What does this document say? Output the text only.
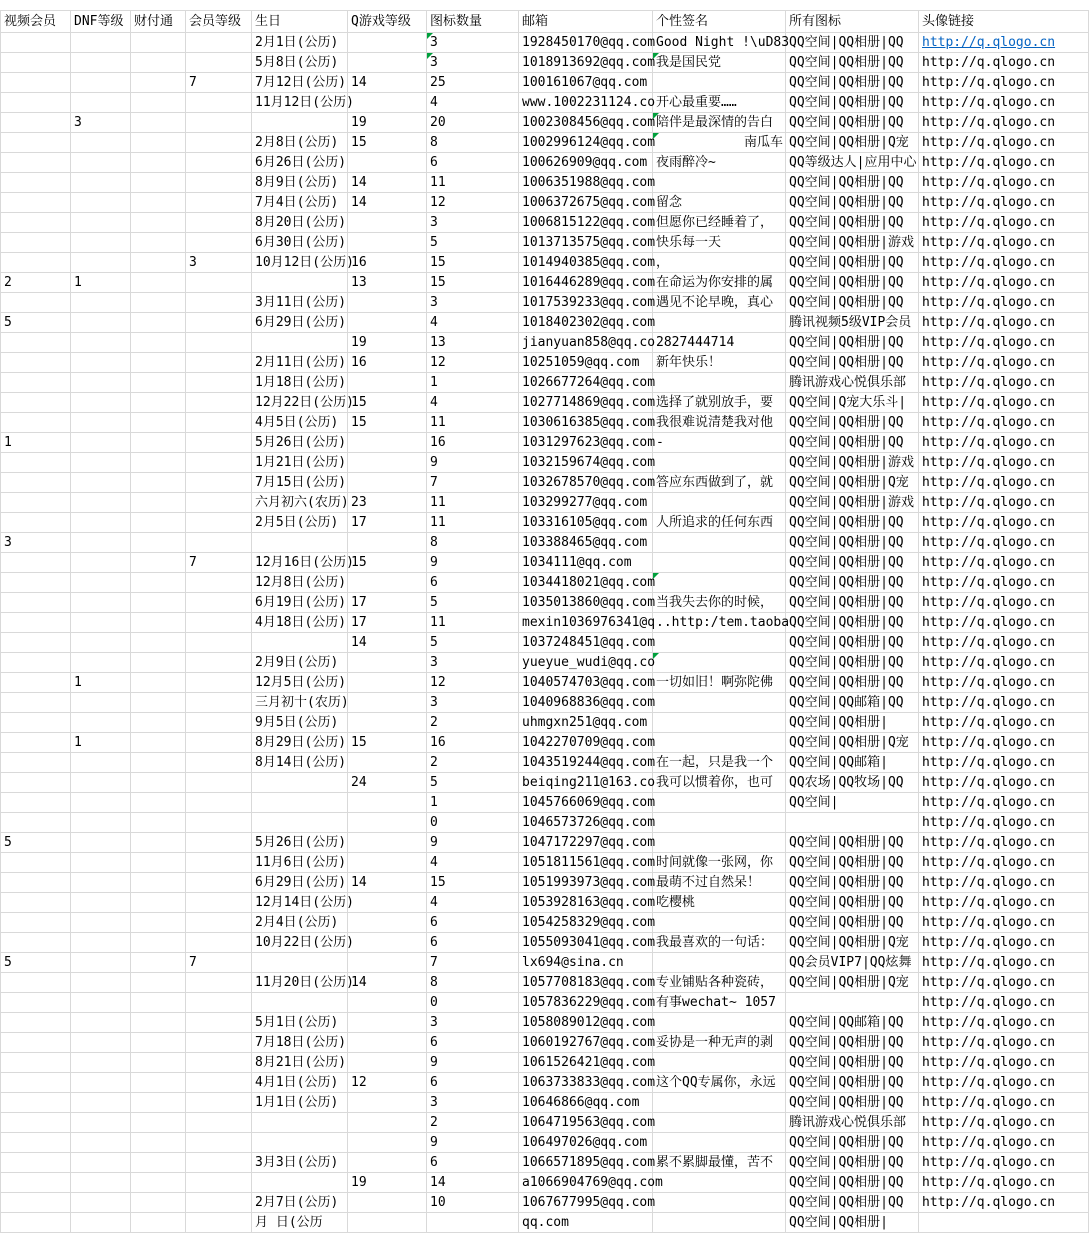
视频会员	DNF等级	财付通	会员等级	生日	Q游戏等级	图标数量	邮箱	个性签名	所有图标	头像链接
				2月1日(公历)		3	1928450170@qq.com	Good Night !\uD83	QQ空间|QQ相册|QQ	http://q.qlogo.cn
				5月8日(公历)		3	1018913692@qq.com	我是国民党	QQ空间|QQ相册|QQ	http://q.qlogo.cn
			7	7月12日(公历)	14	25	100161067@qq.com		QQ空间|QQ相册|QQ	http://q.qlogo.cn
				11月12日(公历)		4	www.1002231124.co	开心最重要……	QQ空间|QQ相册|QQ	http://q.qlogo.cn
	3				19	20	1002308456@qq.com	陪伴是最深情的告白	QQ空间|QQ相册|QQ	http://q.qlogo.cn
				2月8日(公历)	15	8	1002996124@qq.com	南瓜车	QQ空间|QQ相册|Q宠	http://q.qlogo.cn
				6月26日(公历)		6	100626909@qq.com	夜雨醉冷~	QQ等级达人|应用中心	http://q.qlogo.cn
				8月9日(公历)	14	11	1006351988@qq.com		QQ空间|QQ相册|QQ	http://q.qlogo.cn
				7月4日(公历)	14	12	1006372675@qq.com	留念	QQ空间|QQ相册|QQ	http://q.qlogo.cn
				8月20日(公历)		3	1006815122@qq.com	但愿你已经睡着了，	QQ空间|QQ相册|QQ	http://q.qlogo.cn
				6月30日(公历)		5	1013713575@qq.com	快乐每一天	QQ空间|QQ相册|游戏	http://q.qlogo.cn
			3	10月12日(公历)	16	15	1014940385@qq.com	，	QQ空间|QQ相册|QQ	http://q.qlogo.cn
2	1				13	15	1016446289@qq.com	在命运为你安排的属	QQ空间|QQ相册|QQ	http://q.qlogo.cn
				3月11日(公历)		3	1017539233@qq.com	遇见不论早晚，真心	QQ空间|QQ相册|QQ	http://q.qlogo.cn
5				6月29日(公历)		4	1018402302@qq.com		腾讯视频5级VIP会员	http://q.qlogo.cn
					19	13	jianyuan858@qq.co	2827444714	QQ空间|QQ相册|QQ	http://q.qlogo.cn
				2月11日(公历)	16	12	10251059@qq.com	新年快乐！	QQ空间|QQ相册|QQ	http://q.qlogo.cn
				1月18日(公历)		1	1026677264@qq.com		腾讯游戏心悦俱乐部	http://q.qlogo.cn
				12月22日(公历)	15	4	1027714869@qq.com	选择了就别放手，要	QQ空间|Q宠大乐斗|	http://q.qlogo.cn
				4月5日(公历)	15	11	1030616385@qq.com	我很难说清楚我对他	QQ空间|QQ相册|QQ	http://q.qlogo.cn
1				5月26日(公历)		16	1031297623@qq.com	-	QQ空间|QQ相册|QQ	http://q.qlogo.cn
				1月21日(公历)		9	1032159674@qq.com		QQ空间|QQ相册|游戏	http://q.qlogo.cn
				7月15日(公历)		7	1032678570@qq.com	答应东西做到了，就	QQ空间|QQ相册|Q宠	http://q.qlogo.cn
				六月初六(农历)	23	11	103299277@qq.com		QQ空间|QQ相册|游戏	http://q.qlogo.cn
				2月5日(公历)	17	11	103316105@qq.com	人所追求的任何东西	QQ空间|QQ相册|QQ	http://q.qlogo.cn
3						8	103388465@qq.com		QQ空间|QQ相册|QQ	http://q.qlogo.cn
			7	12月16日(公历)	15	9	1034111@qq.com		QQ空间|QQ相册|QQ	http://q.qlogo.cn
				12月8日(公历)		6	1034418021@qq.com		QQ空间|QQ相册|QQ	http://q.qlogo.cn
				6月19日(公历)	17	5	1035013860@qq.com	当我失去你的时候，	QQ空间|QQ相册|QQ	http://q.qlogo.cn
				4月18日(公历)	17	11	mexin1036976341@q	..http:/tem.taoba	QQ空间|QQ相册|QQ	http://q.qlogo.cn
					14	5	1037248451@qq.com		QQ空间|QQ相册|QQ	http://q.qlogo.cn
				2月9日(公历)		3	yueyue_wudi@qq.co		QQ空间|QQ相册|QQ	http://q.qlogo.cn
	1			12月5日(公历)		12	1040574703@qq.com	一切如旧！啊弥陀佛	QQ空间|QQ相册|QQ	http://q.qlogo.cn
				三月初十(农历)		3	1040968836@qq.com		QQ空间|QQ邮箱|QQ	http://q.qlogo.cn
				9月5日(公历)		2	uhmgxn251@qq.com		QQ空间|QQ相册|	http://q.qlogo.cn
	1			8月29日(公历)	15	16	1042270709@qq.com		QQ空间|QQ相册|Q宠	http://q.qlogo.cn
				8月14日(公历)		2	1043519244@qq.com	在一起，只是我一个	QQ空间|QQ邮箱|	http://q.qlogo.cn
					24	5	beiqing211@163.co	我可以惯着你，也可	QQ农场|QQ牧场|QQ	http://q.qlogo.cn
						1	1045766069@qq.com		QQ空间|	http://q.qlogo.cn
						0	1046573726@qq.com			http://q.qlogo.cn
5				5月26日(公历)		9	1047172297@qq.com		QQ空间|QQ相册|QQ	http://q.qlogo.cn
				11月6日(公历)		4	1051811561@qq.com	时间就像一张网，你	QQ空间|QQ相册|QQ	http://q.qlogo.cn
				6月29日(公历)	14	15	1051993973@qq.com	最萌不过自然呆！	QQ空间|QQ相册|QQ	http://q.qlogo.cn
				12月14日(公历)		4	1053928163@qq.com	吃樱桃	QQ空间|QQ相册|QQ	http://q.qlogo.cn
				2月4日(公历)		6	1054258329@qq.com		QQ空间|QQ相册|QQ	http://q.qlogo.cn
				10月22日(公历)		6	1055093041@qq.com	我最喜欢的一句话：	QQ空间|QQ相册|Q宠	http://q.qlogo.cn
5			7			7	lx694@sina.cn		QQ会员VIP7|QQ炫舞	http://q.qlogo.cn
				11月20日(公历)	14	8	1057708183@qq.com	专业铺贴各种瓷砖，	QQ空间|QQ相册|Q宠	http://q.qlogo.cn
						0	1057836229@qq.com	有事wechat~ 1057		http://q.qlogo.cn
				5月1日(公历)		3	1058089012@qq.com		QQ空间|QQ邮箱|QQ	http://q.qlogo.cn
				7月18日(公历)		6	1060192767@qq.com	妥协是一种无声的剥	QQ空间|QQ相册|QQ	http://q.qlogo.cn
				8月21日(公历)		9	1061526421@qq.com		QQ空间|QQ相册|QQ	http://q.qlogo.cn
				4月1日(公历)	12	6	1063733833@qq.com	这个QQ专属你，永远	QQ空间|QQ相册|QQ	http://q.qlogo.cn
				1月1日(公历)		3	10646866@qq.com		QQ空间|QQ相册|QQ	http://q.qlogo.cn
						2	1064719563@qq.com		腾讯游戏心悦俱乐部	http://q.qlogo.cn
						9	106497026@qq.com		QQ空间|QQ相册|QQ	http://q.qlogo.cn
				3月3日(公历)		6	1066571895@qq.com	累不累脚最懂，苦不	QQ空间|QQ相册|QQ	http://q.qlogo.cn
					19	14	a1066904769@qq.com		QQ空间|QQ相册|QQ	http://q.qlogo.cn
				2月7日(公历)		10	1067677995@qq.com		QQ空间|QQ相册|QQ	http://q.qlogo.cn
				月 日(公历			qq.com		QQ空间|QQ相册|	
